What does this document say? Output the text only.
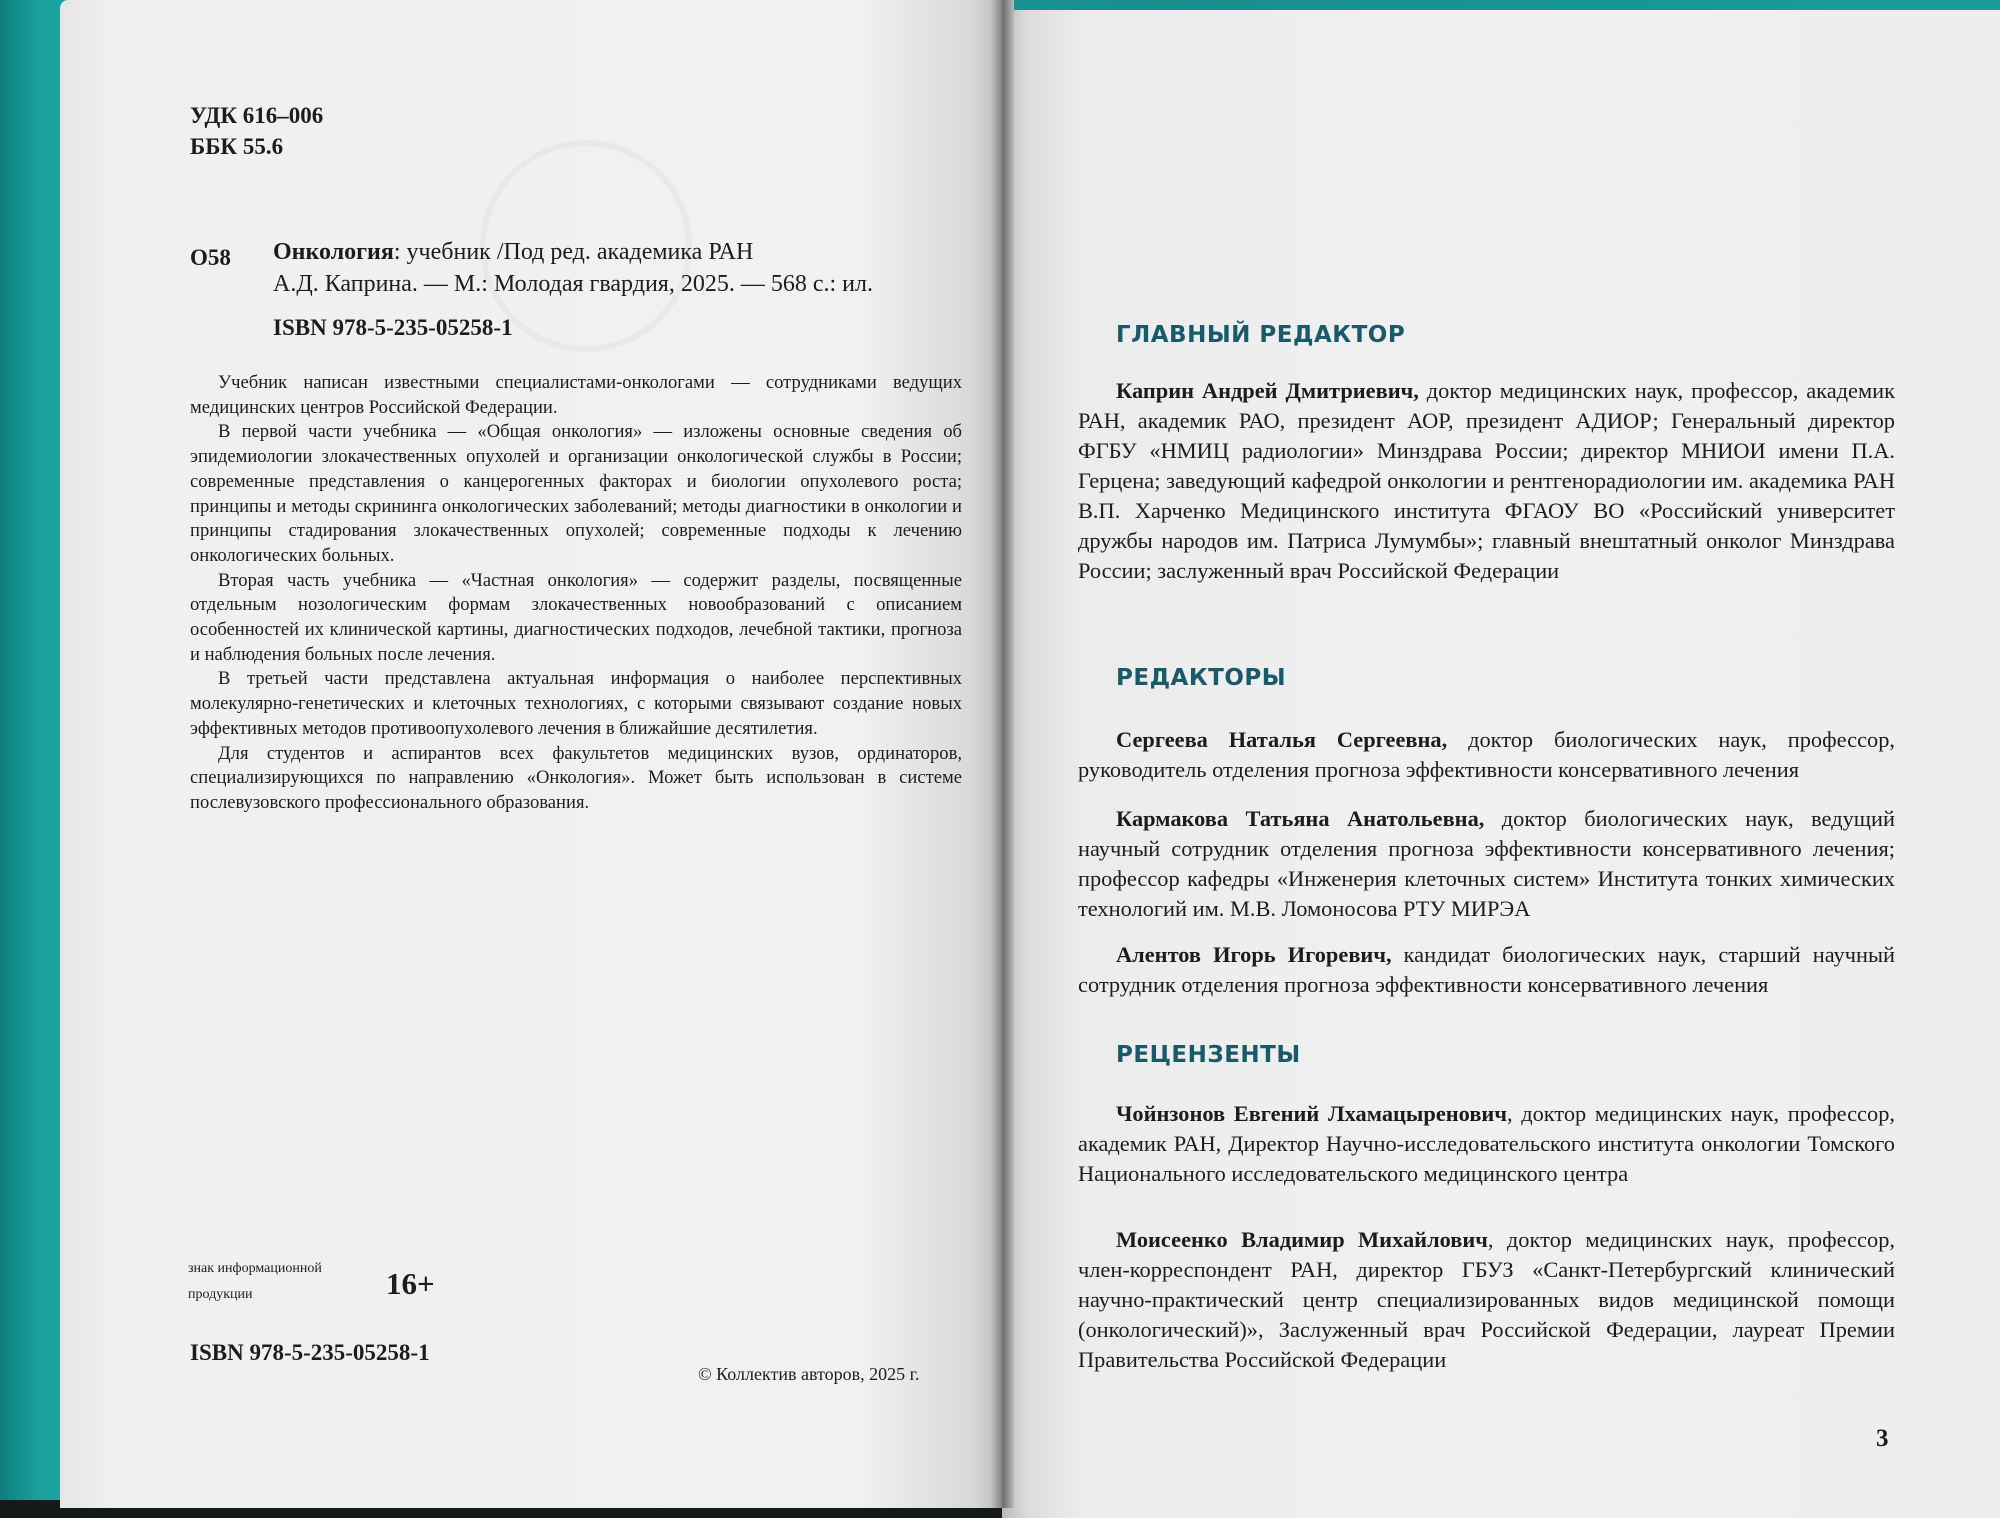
УДК 616–006
ББК 55.6
О58 Онкология: учебник /Под ред. академика РАН
А.Д. Каприна. — М.: Молодая гвардия, 2025. — 568 с.: ил.
ISBN 978-5-235-05258-1

Учебник написан известными специалистами-онкологами — сотрудниками ведущих медицинских центров Российской Федерации.

В первой части учебника — «Общая онкология» — изложены основные сведения об эпидемиологии злокачественных опухолей и организации онкологической службы в России; современные представления о канцерогенных факторах и биологии опухолевого роста; принципы и методы скрининга онкологических заболеваний; методы диагностики в онкологии и принципы стадирования злокачественных опухолей; современные подходы к лечению онкологических больных.

Вторая часть учебника — «Частная онкология» — содержит разделы, посвященные отдельным нозологическим формам злокачественных новообразований с описанием особенностей их клинической картины, диагностических подходов, лечебной тактики, прогноза и наблюдения больных после лечения.

В третьей части представлена актуальная информация о наиболее перспективных молекулярно-генетических и клеточных технологиях, с которыми связывают создание новых эффективных методов противоопухолевого лечения в ближайшие десятилетия.

Для студентов и аспирантов всех факультетов медицинских вузов, ординаторов, специализирующихся по направлению «Онкология». Может быть использован в системе послевузовского профессионального образования.

знак информационной
продукции	16+
ISBN 978-5-235-05258-1
© Коллектив авторов, 2025 г.
ГЛАВНЫЙ РЕДАКТОР

Каприн Андрей Дмитриевич, доктор медицинских наук, профессор, академик РАН, академик РАО, президент АОР, президент АДИОР; Генеральный директор ФГБУ «НМИЦ радиологии» Минздрава России; директор МНИОИ имени П.А. Герцена; заведующий кафедрой онкологии и рентгенорадиологии им. академика РАН В.П. Харченко Медицинского института ФГАОУ ВО «Российский университет дружбы народов им. Патриса Лумумбы»; главный внештатный онколог Минздрава России; заслуженный врач Российской Федерации

РЕДАКТОРЫ

Сергеева Наталья Сергеевна, доктор биологических наук, профессор, руководитель отделения прогноза эффективности консервативного лечения

Кармакова Татьяна Анатольевна, доктор биологических наук, ведущий научный сотрудник отделения прогноза эффективности консервативного лечения; профессор кафедры «Инженерия клеточных систем» Института тонких химических технологий им. М.В. Ломоносова РТУ МИРЭА

Алентов Игорь Игоревич, кандидат биологических наук, старший научный сотрудник отделения прогноза эффективности консервативного лечения

РЕЦЕНЗЕНТЫ

Чойнзонов Евгений Лхамацыренович, доктор медицинских наук, профессор, академик РАН, Директор Научно-исследовательского института онкологии Томского Национального исследовательского медицинского центра

Моисеенко Владимир Михайлович, доктор медицинских наук, профессор, член-корреспондент РАН, директор ГБУЗ «Санкт-Петербургский клинический научно-практический центр специализированных видов медицинской помощи (онкологический)», Заслуженный врач Российской Федерации, лауреат Премии Правительства Российской Федерации

3
